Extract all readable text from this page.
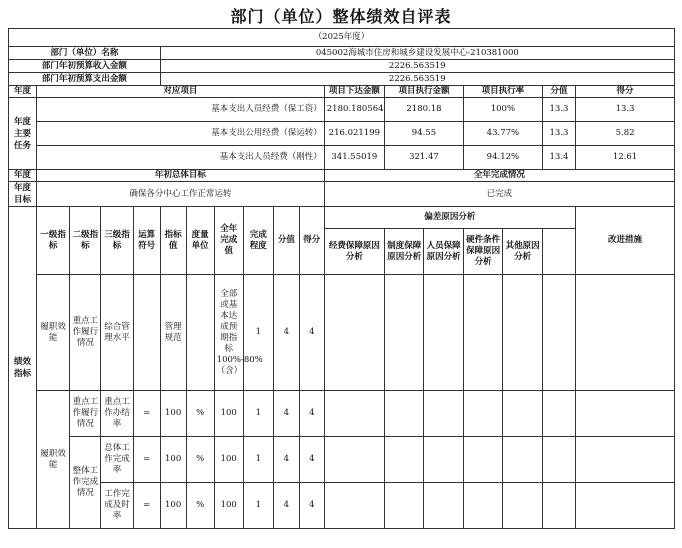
部门（单位）整体绩效自评表
（2025年度）																	
部门（单位）名称					045002海城市住房和城乡建设发展中心-210381000												
部门年初预算收入金额					2226.563519												
部门年初预算支出金额					2226.563519												
年度	对应项目										项目下达金额	项目执行金额		项目执行率		分值	得分
年度主要任务	基本支出人员经费（保工资）										2180.180564	2180.18		100%		13.3	13.3
	基本支出公用经费（保运转）										216.021199	94.55		43.77%		13.3	5.82
	基本支出人员经费（刚性）										341.55019	321.47		94.12%		13.4	12.61
年度	年初总体目标										全年完成情况						
年度目标	确保各分中心工作正常运转										已完成						
绩效指标	一级指标	二级指标	三级指标	运算符号	指标值	度量单位	全年完成值	完成程度	分值	得分	偏差原因分析						改进措施
											经费保障原因分析	制度保障原因分析	人员保障原因分析	硬件条件保障原因分析	其他原因分析		
	履职效能	重点工作履行情况	综合管理水平		管理规范		全部或基本达成预期指标100%-80%（含）	1	4	4							
	履职效能	重点工作履行情况	重点工作办结率	=	100	%	100	1	4	4							
		整体工作完成情况	总体工作完成率	=	100	%	100	1	4	4							
			工作完成及时率	=	100	%	100	1	4	4							
